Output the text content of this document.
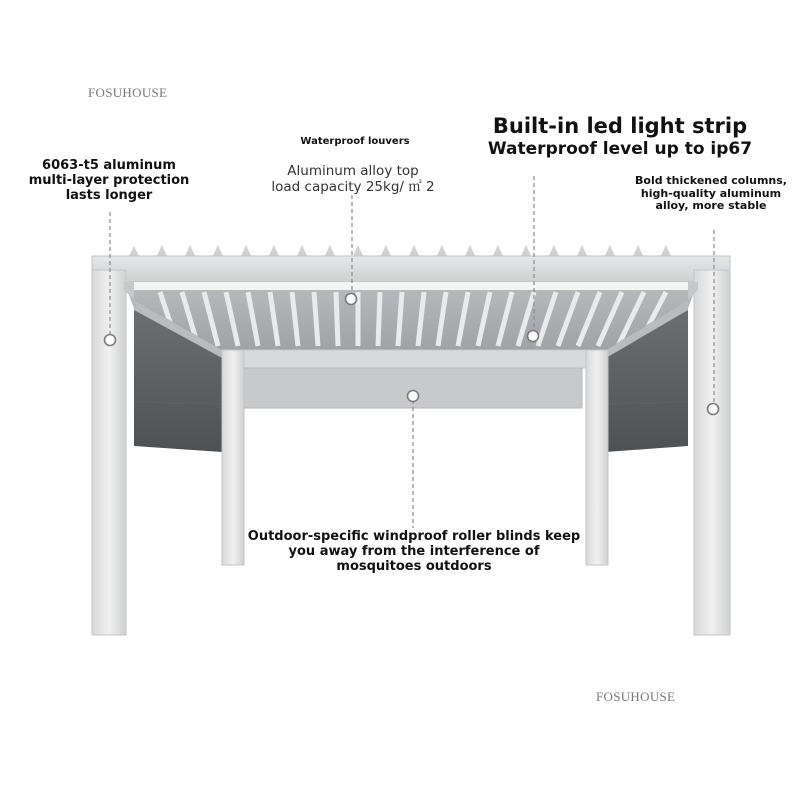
FOSUHOUSE
FOSUHOUSE
Waterproof louvers
Built-in led light strip
Waterproof level up to ip67
6063-t5 aluminum
multi-layer protection
lasts longer
Aluminum alloy top
load capacity 25kg/ ㎡ 2	Bold thickened columns,
high-quality aluminum
alloy, more stable
Outdoor-specific windproof roller blinds keep
you away from the interference of
mosquitoes outdoors
